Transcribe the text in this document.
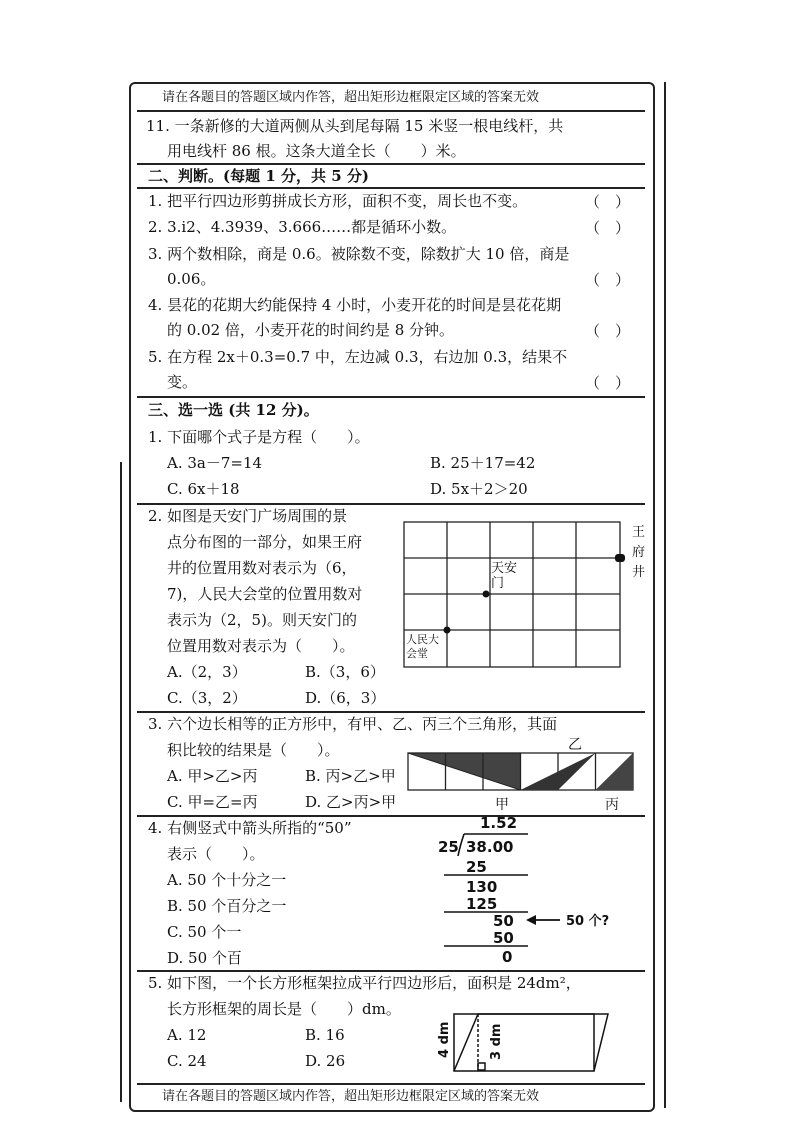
请在各题目的答题区域内作答，超出矩形边框限定区域的答案无效
11. 一条新修的大道两侧从头到尾每隔 15 米竖一根电线杆，共
用电线杆 86 根。这条大道全长（　　）米。
二、判断。(每题 1 分，共 5 分)
1. 把平行四边形剪拼成长方形，面积不变，周长也不变。	（　）
2. 3.i2、4.3939、3.666……都是循环小数。	（　）
3. 两个数相除，商是 0.6。被除数不变，除数扩大 10 倍，商是
0.06。	（　）
4. 昙花的花期大约能保持 4 小时，小麦开花的时间是昙花花期
的 0.02 倍，小麦开花的时间约是 8 分钟。	（　）
5. 在方程 2x＋0.3=0.7 中，左边减 0.3，右边加 0.3，结果不
变。	（　）
三、选一选 (共 12 分)。
1. 下面哪个式子是方程（　　）。
A. 3a－7=14	B. 25＋17=42
C. 6x＋18	D. 5x＋2＞20
2. 如图是天安门广场周围的景
点分布图的一部分，如果王府
井的位置用数对表示为（6，
7)，人民大会堂的位置用数对
表示为（2，5)。则天安门的
位置用数对表示为（　　）。
A.（2，3）	B.（3，6）
C.（3，2）	D.（6，3）
天安
门
人民大
会堂
王
府
井
3. 六个边长相等的正方形中，有甲、乙、丙三个三角形，其面
积比较的结果是（　　）。
A. 甲>乙>丙	B. 丙>乙>甲
C. 甲=乙=丙	D. 乙>丙>甲
乙
甲	丙
4. 右侧竖式中箭头所指的“50”
表示（　　）。
A. 50 个十分之一
B. 50 个百分之一
C. 50 个一
D. 50 个百
1.52
25 38.00
25
130
125
50
50
0
50 个?
5. 如下图，一个长方形框架拉成平行四边形后，面积是 24dm²，
长方形框架的周长是（　　）dm。
A. 12	B. 16
C. 24	D. 26
4 dm	3 dm
请在各题目的答题区域内作答，超出矩形边框限定区域的答案无效
